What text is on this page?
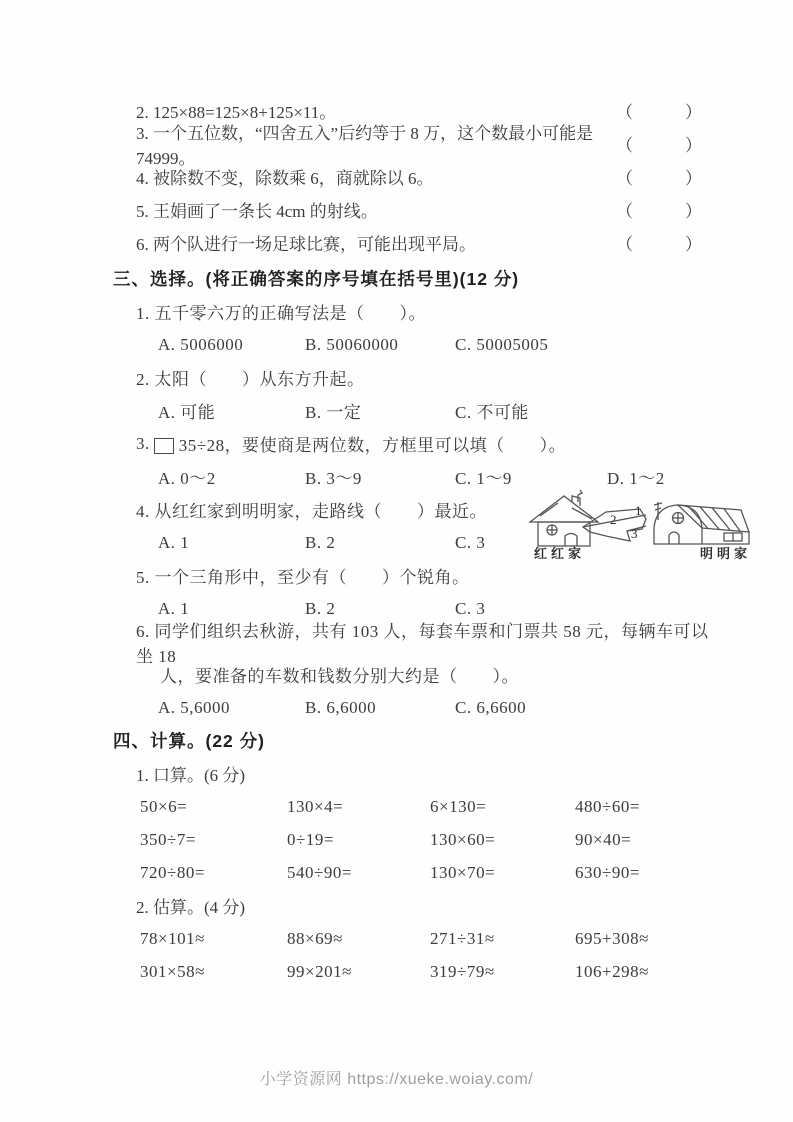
2. 125×88=125×8+125×11。	（　　）
3. 一个五位数，“四舍五入”后约等于 8 万，这个数最小可能是 74999。
（　　）
4. 被除数不变，除数乘 6，商就除以 6。	（　　）
5. 王娟画了一条长 4cm 的射线。	（　　）
6. 两个队进行一场足球比赛，可能出现平局。	（　　）
三、选择。(将正确答案的序号填在括号里)(12 分)
1. 五千零六万的正确写法是（　　）。
A. 5006000	B. 50060000	C. 50005005
2. 太阳（　　）从东方升起。
A. 可能	B. 一定	C. 不可能
3. 35÷28，要使商是两位数，方框里可以填（　　）。
A. 0～2	B. 3～9	C. 1～9	D. 1～2
4. 从红红家到明明家，走路线（　　）最近。
A. 1	B. 2	C. 3
5. 一个三角形中，至少有（　　）个锐角。
A. 1	B. 2	C. 3
6. 同学们组织去秋游，共有 103 人，每套车票和门票共 58 元，每辆车可以坐 18
人，要准备的车数和钱数分别大约是（　　）。
A. 5,6000	B. 6,6000	C. 6,6600
红红家
1
2
3
明明家
四、计算。(22 分)
1. 口算。(6 分)
50×6=	130×4=	6×130=	480÷60=
350÷7=	0÷19=	130×60=	90×40=
720÷80=	540÷90=	130×70=	630÷90=
2. 估算。(4 分)
78×101≈	88×69≈	271÷31≈	695+308≈
301×58≈	99×201≈	319÷79≈	106+298≈
小学资源网 https://xueke.woiay.com/
